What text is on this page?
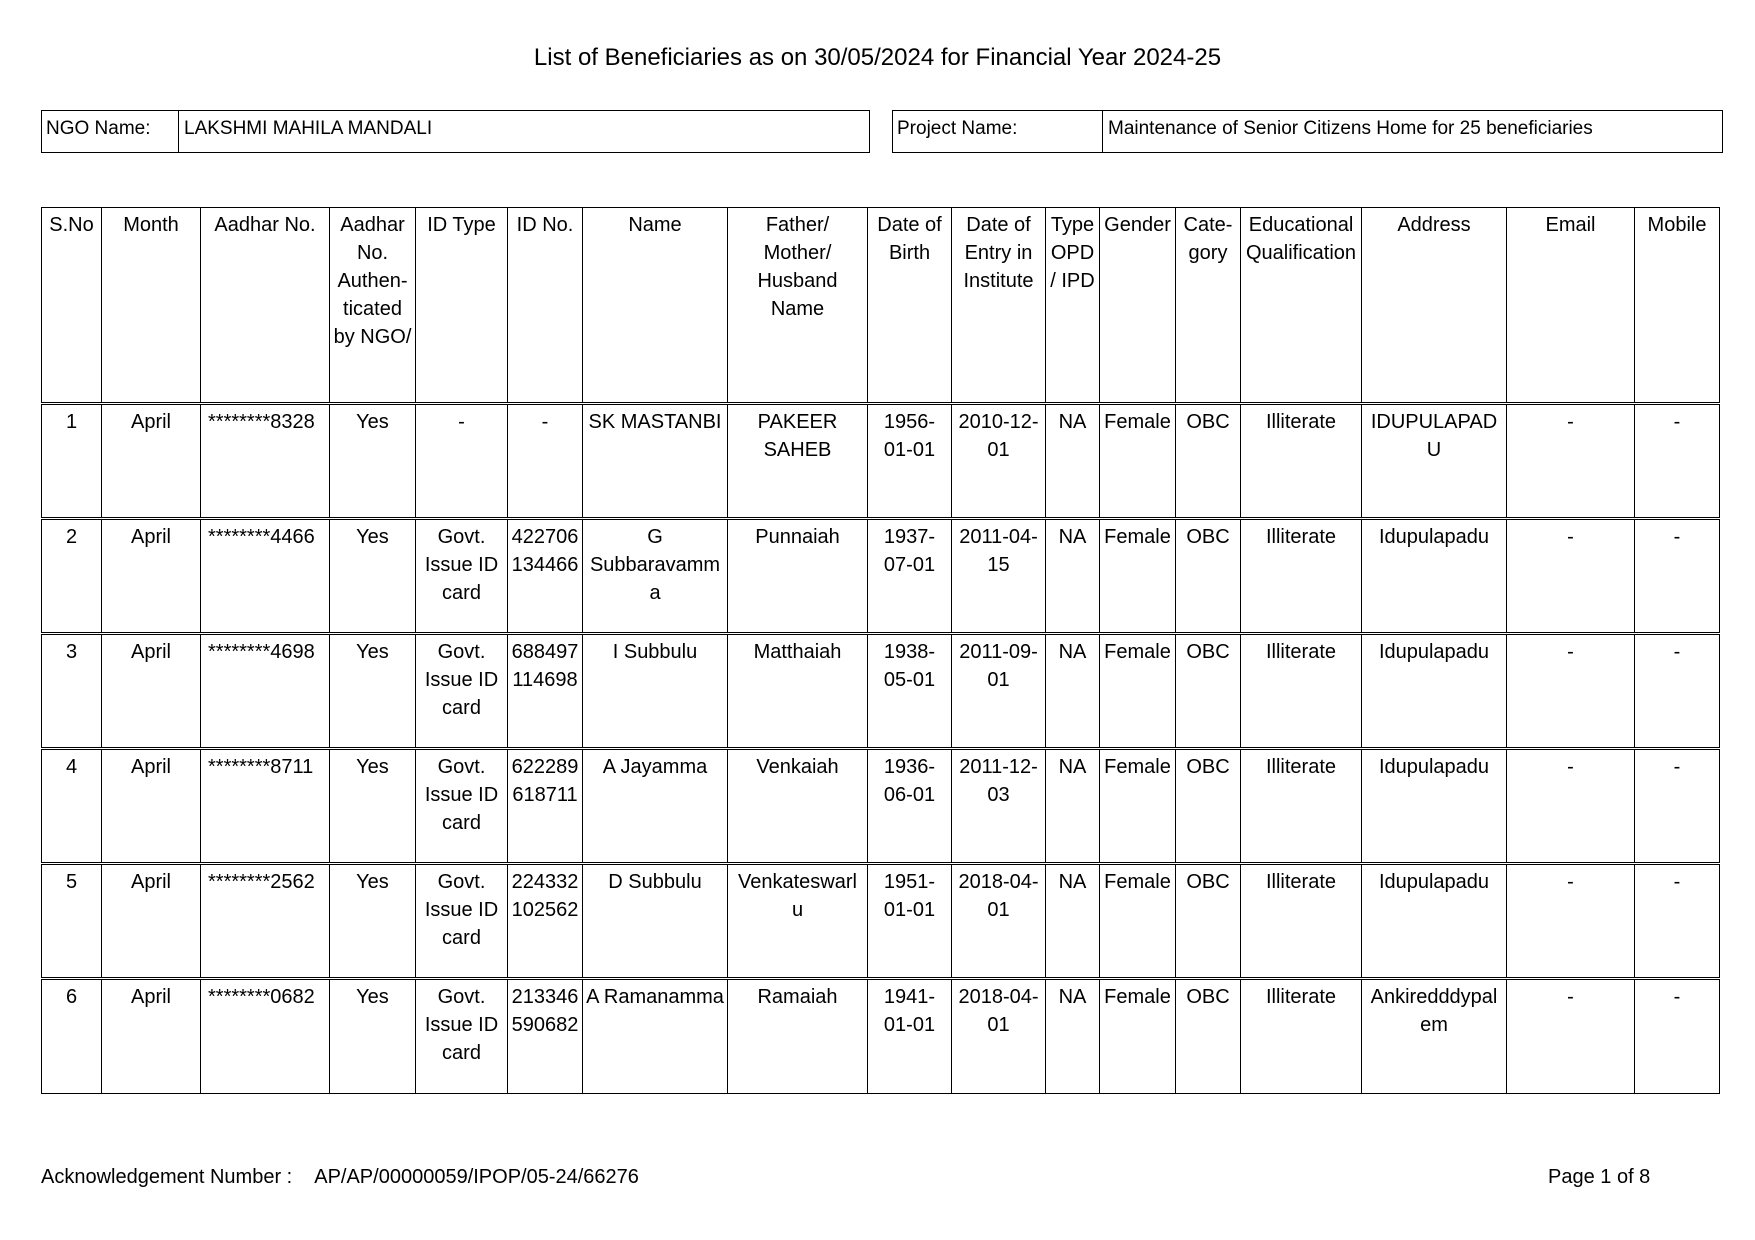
List of Beneficiaries as on 30/05/2024 for Financial Year 2024-25
NGO Name:	LAKSHMI MAHILA MANDALI	Project Name:	Maintenance of Senior Citizens Home for 25 beneficiaries
S.No	Month	Aadhar No.	Aadhar No. Authen- ticated by NGO/	ID Type	ID No.	Name	Father/ Mother/ Husband Name	Date of Birth	Date of Entry in Institute	Type OPD / IPD	Gender	Cate- gory	Educational Qualification	Address	Email	Mobile
1	April	********8328	Yes	-	-	SK MASTANBI	PAKEER SAHEB	1956- 01-01	2010-12- 01	NA	Female	OBC	Illiterate	IDUPULAPAD U	-	-
2	April	********4466	Yes	Govt. Issue ID card	422706 134466	G Subbaravamm a	Punnaiah	1937- 07-01	2011-04- 15	NA	Female	OBC	Illiterate	Idupulapadu	-	-
3	April	********4698	Yes	Govt. Issue ID card	688497 114698	I Subbulu	Matthaiah	1938- 05-01	2011-09- 01	NA	Female	OBC	Illiterate	Idupulapadu	-	-
4	April	********8711	Yes	Govt. Issue ID card	622289 618711	A Jayamma	Venkaiah	1936- 06-01	2011-12- 03	NA	Female	OBC	Illiterate	Idupulapadu	-	-
5	April	********2562	Yes	Govt. Issue ID card	224332 102562	D Subbulu	Venkateswarl u	1951- 01-01	2018-04- 01	NA	Female	OBC	Illiterate	Idupulapadu	-	-
6	April	********0682	Yes	Govt. Issue ID card	213346 590682	A Ramanamma	Ramaiah	1941- 01-01	2018-04- 01	NA	Female	OBC	Illiterate	Ankiredddypal em	-	-
Acknowledgement Number : AP/AP/00000059/IPOP/05-24/66276	Page 1 of 8
